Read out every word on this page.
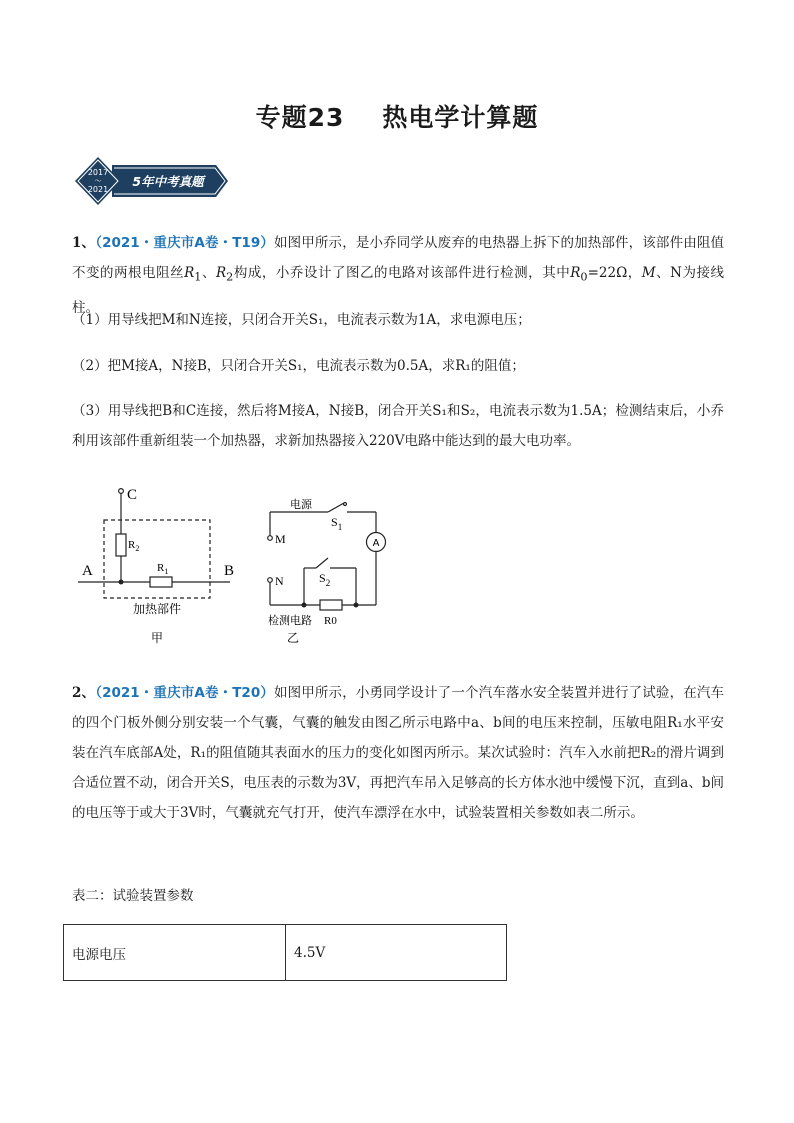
专题23 热电学计算题
2017
～
2021
5年中考真题
1、（2021・重庆市A卷・T19）如图甲所示，是小乔同学从废弃的电热器上拆下的加热部件，该部件由阻值不变的两根电阻丝$R_1$、$R_2$构成，小乔设计了图乙的电路对该部件进行检测，其中$R_0=22\Omega$，M、N为接线柱。
（1）用导线把M和N连接，只闭合开关S₁，电流表示数为1A，求电源电压；
（2）把M接A，N接B，只闭合开关S₁，电流表示数为0.5A，求R₁的阻值；
（3）用导线把B和C连接，然后将M接A，N接B，闭合开关S₁和S₂，电流表示数为1.5A；检测结束后，小乔利用该部件重新组装一个加热器，求新加热器接入220V电路中能达到的最大电功率。
C
A	B
$R_2$
$R_1$
加热部件
甲
电源
M
N
$S_1$
$S_2$
A
R0
检测电路
乙
2、（2021・重庆市A卷・T20）如图甲所示，小勇同学设计了一个汽车落水安全装置并进行了试验，在汽车的四个门板外侧分别安装一个气囊，气囊的触发由图乙所示电路中a、b间的电压来控制，压敏电阻R₁水平安装在汽车底部A处，R₁的阻值随其表面水的压力的变化如图丙所示。某次试验时：汽车入水前把R₂的滑片调到合适位置不动，闭合开关S，电压表的示数为3V，再把汽车吊入足够高的长方体水池中缓慢下沉，直到a、b间的电压等于或大于3V时，气囊就充气打开，使汽车漂浮在水中，试验装置相关参数如表二所示。
表二：试验装置参数
电源电压	4.5V
